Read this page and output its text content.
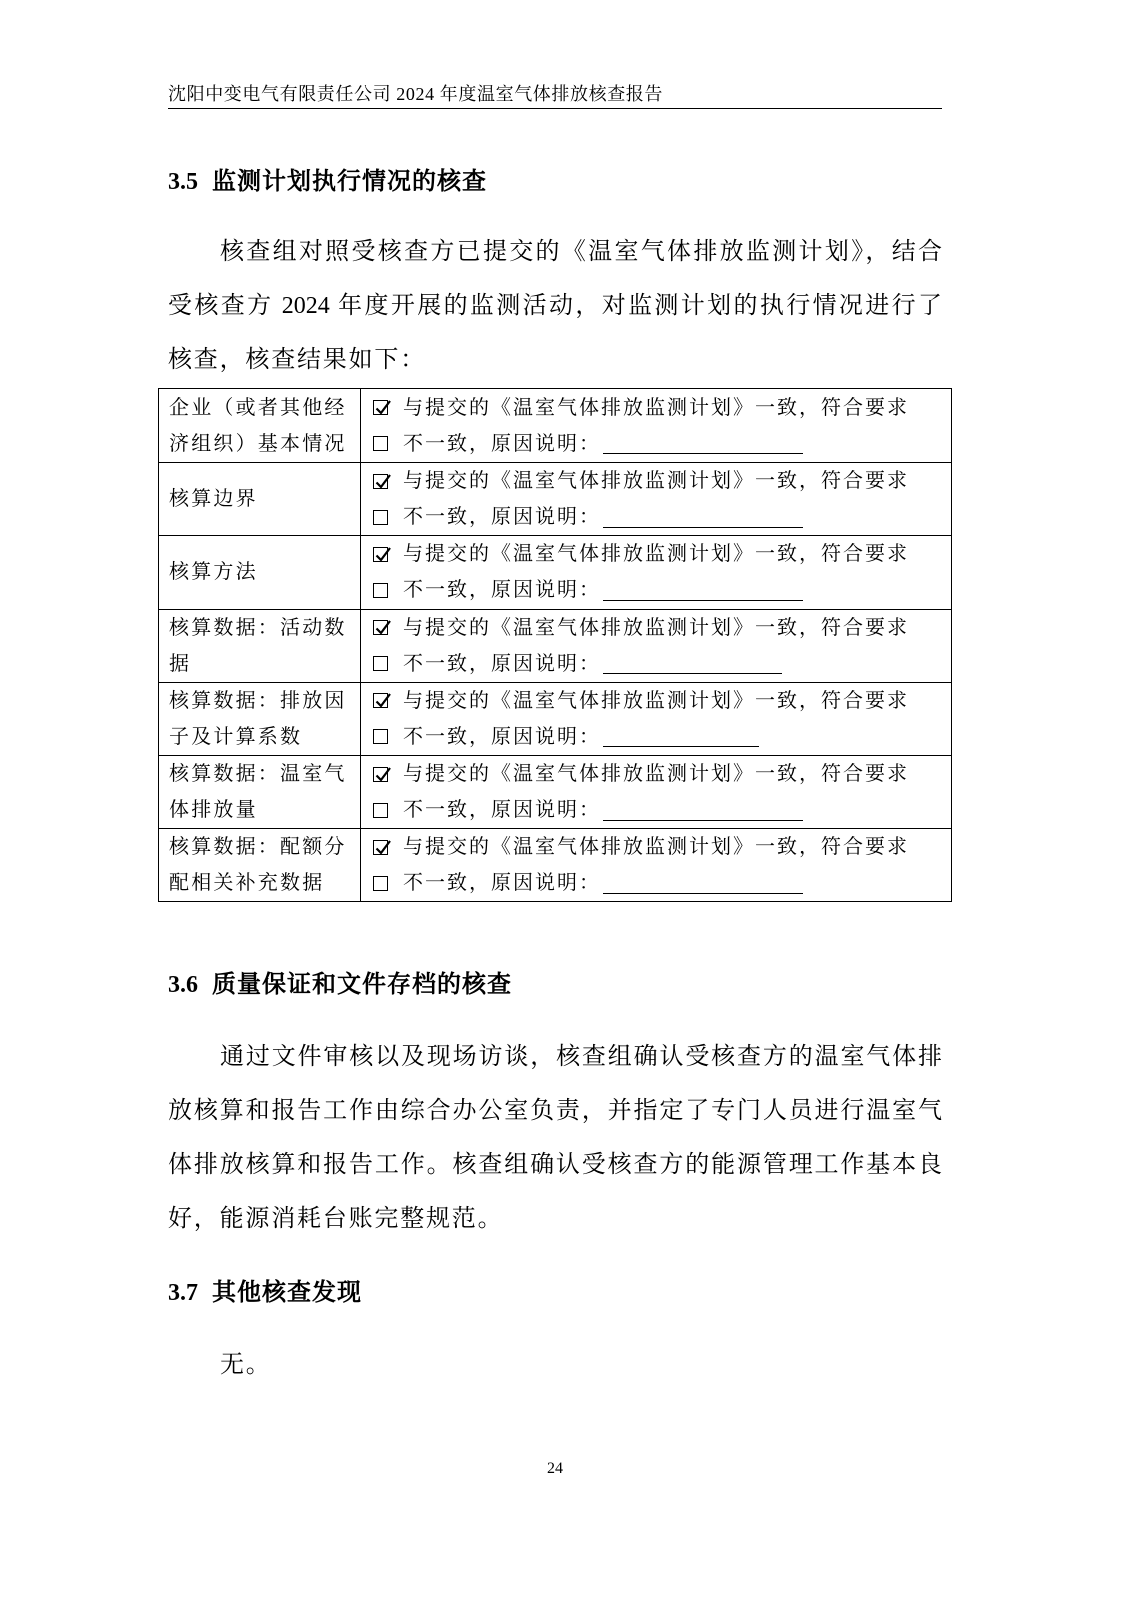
沈阳中变电气有限责任公司 2024 年度温室气体排放核查报告
3.5 监测计划执行情况的核查
核查组对照受核查方已提交的《温室气体排放监测计划》，结合
受核查方 2024 年度开展的监测活动，对监测计划的执行情况进行了
核查，核查结果如下：
企业（或者其他经济组织）基本情况
与提交的《温室气体排放监测计划》一致，符合要求
不一致，原因说明：
核算边界
与提交的《温室气体排放监测计划》一致，符合要求
不一致，原因说明：
核算方法
与提交的《温室气体排放监测计划》一致，符合要求
不一致，原因说明：
核算数据：活动数据
与提交的《温室气体排放监测计划》一致，符合要求
不一致，原因说明：
核算数据：排放因子及计算系数
与提交的《温室气体排放监测计划》一致，符合要求
不一致，原因说明：
核算数据：温室气体排放量
与提交的《温室气体排放监测计划》一致，符合要求
不一致，原因说明：
核算数据：配额分配相关补充数据
与提交的《温室气体排放监测计划》一致，符合要求
不一致，原因说明：
3.6 质量保证和文件存档的核查
通过文件审核以及现场访谈，核查组确认受核查方的温室气体排
放核算和报告工作由综合办公室负责，并指定了专门人员进行温室气
体排放核算和报告工作。核查组确认受核查方的能源管理工作基本良
好，能源消耗台账完整规范。
3.7 其他核查发现
无。
24
